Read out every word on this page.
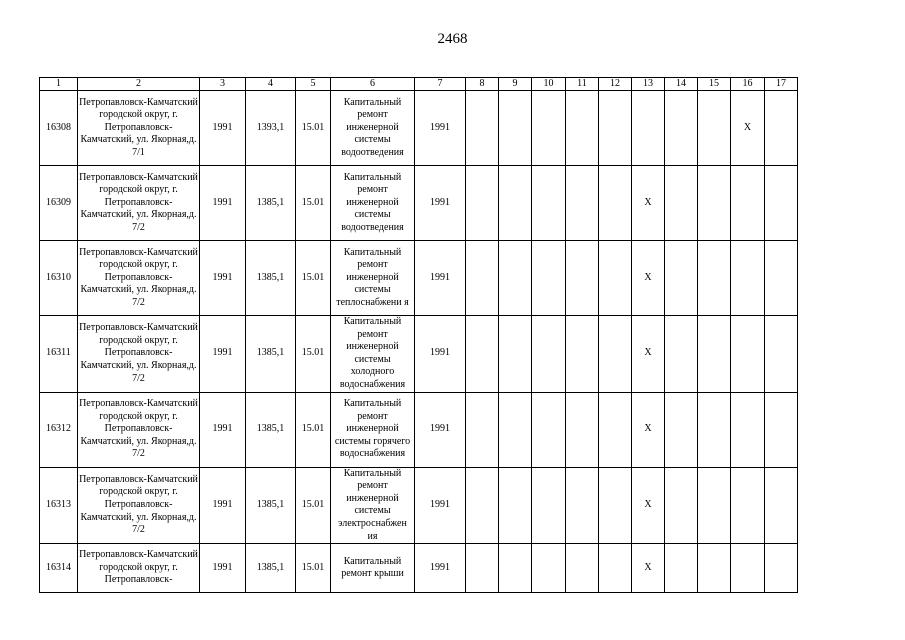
2468
1	2	3	4	5	6	7	8	9	10	11	12	13	14	15	16	17

16308	Петропавловск-Камчатский городской округ, г. Петропавловск-Камчатский, ул. Якорная,д. 7/1	1991	1393,1	15.01	Капитальный ремонт инженерной системы водоотведения	1991									X	

16309	Петропавловск-Камчатский городской округ, г. Петропавловск-Камчатский, ул. Якорная,д. 7/2	1991	1385,1	15.01	Капитальный ремонт инженерной системы водоотведения	1991						X				

16310	Петропавловск-Камчатский городской округ, г. Петропавловск-Камчатский, ул. Якорная,д. 7/2	1991	1385,1	15.01	Капитальный ремонт инженерной системы теплоснабжени я	1991						X				

16311	Петропавловск-Камчатский городской округ, г. Петропавловск-Камчатский, ул. Якорная,д. 7/2	1991	1385,1	15.01	Капитальный ремонт инженерной системы холодного водоснабжения	1991						X				

16312	Петропавловск-Камчатский городской округ, г. Петропавловск-Камчатский, ул. Якорная,д. 7/2	1991	1385,1	15.01	Капитальный ремонт инженерной системы горячего водоснабжения	1991						X				

16313	Петропавловск-Камчатский городской округ, г. Петропавловск-Камчатский, ул. Якорная,д. 7/2	1991	1385,1	15.01	Капитальный ремонт инженерной системы электроснабжен ия	1991						X				

16314	Петропавловск-Камчатский городской округ, г. Петропавловск-	1991	1385,1	15.01	Капитальный ремонт крыши	1991						X				
